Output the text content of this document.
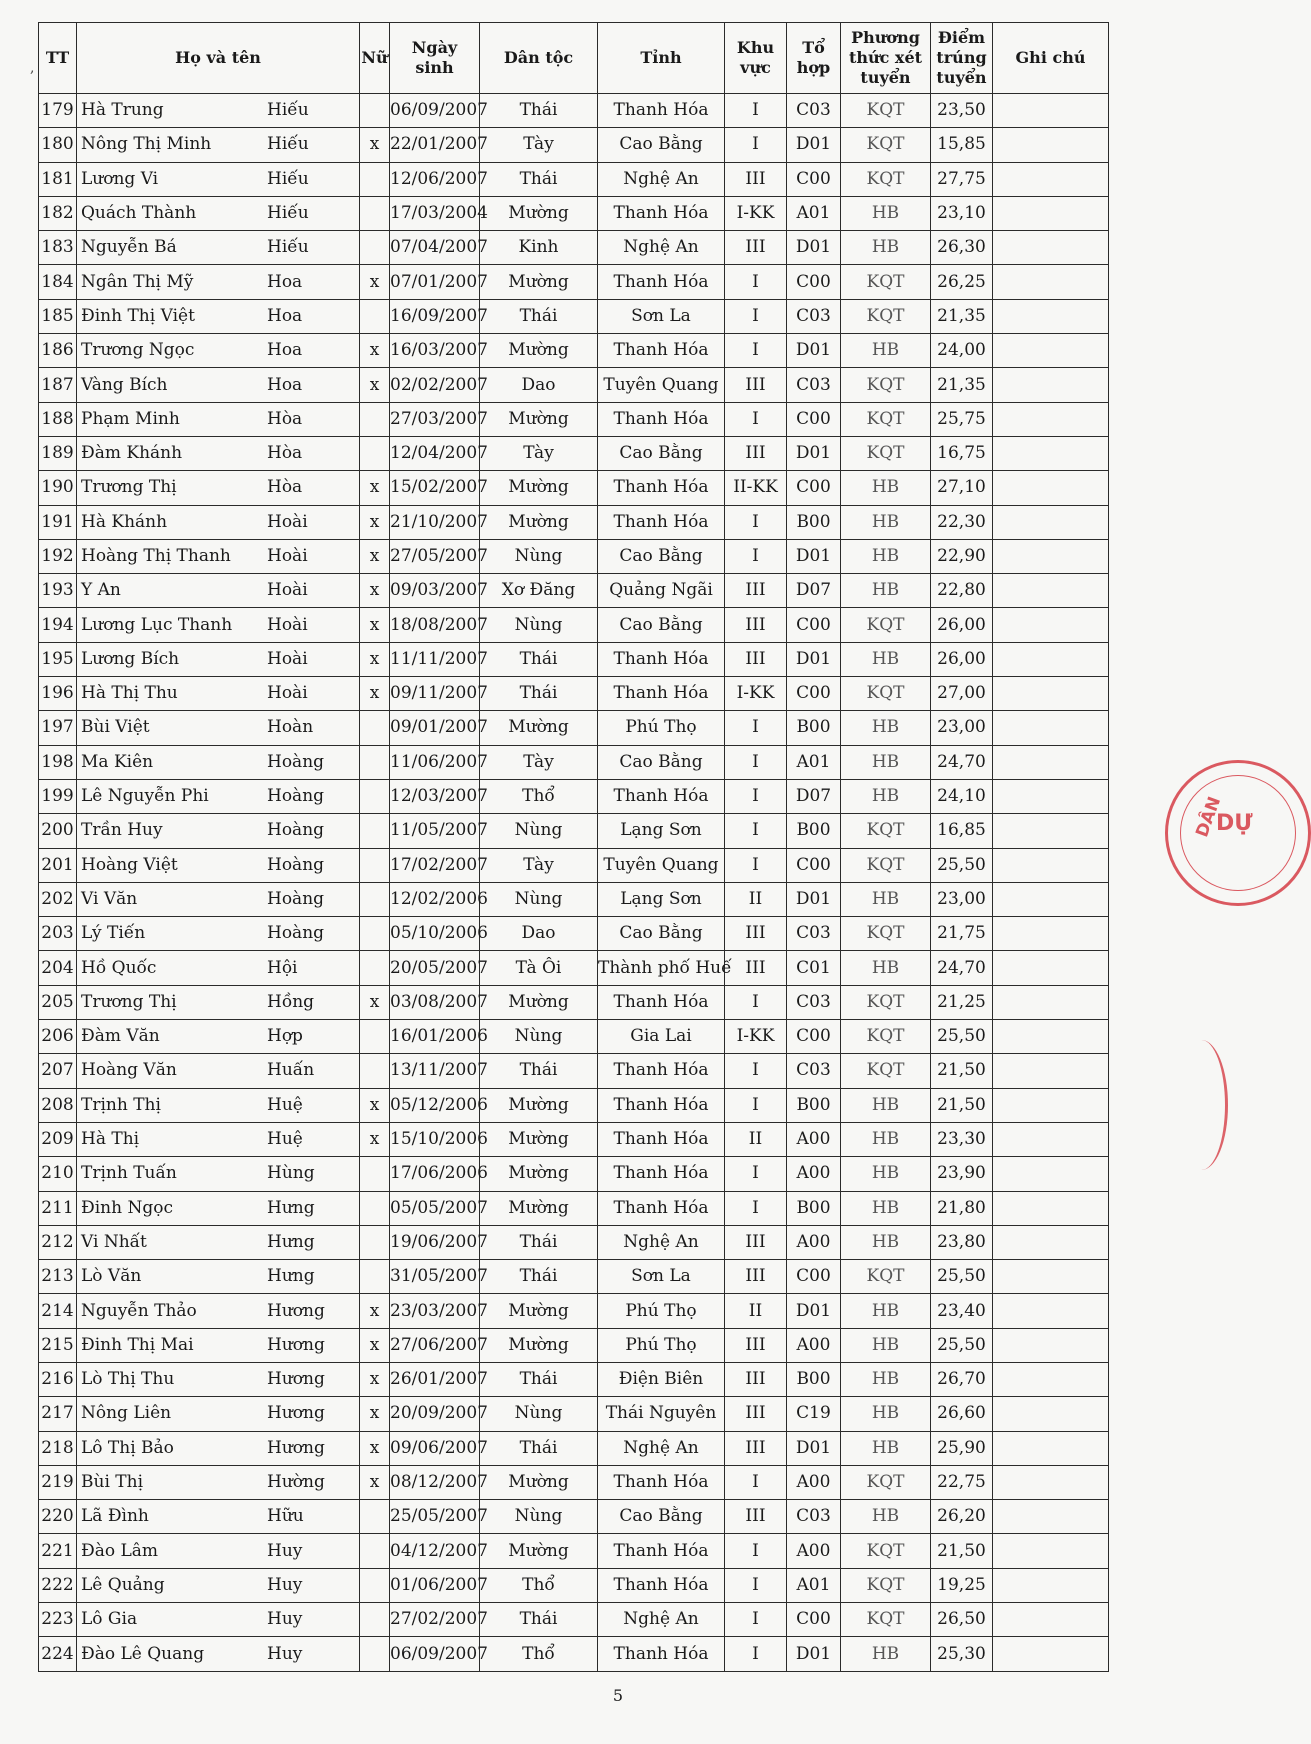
,
TT	Họ và tên	Nữ	Ngày sinh	Dân tộc	Tỉnh	Khu vực	Tổ hợp	Phương thức xét tuyển	Điểm trúng tuyển	Ghi chú
179	Hà Trung Hiếu		06/09/2007	Thái	Thanh Hóa	I	C03	KQT	23,50	
180	Nông Thị Minh Hiếu	x	22/01/2007	Tày	Cao Bằng	I	D01	KQT	15,85	
181	Lương Vi Hiếu		12/06/2007	Thái	Nghệ An	III	C00	KQT	27,75	
182	Quách Thành Hiếu		17/03/2004	Mường	Thanh Hóa	I-KK	A01	HB	23,10	
183	Nguyễn Bá Hiếu		07/04/2007	Kinh	Nghệ An	III	D01	HB	26,30	
184	Ngân Thị Mỹ Hoa	x	07/01/2007	Mường	Thanh Hóa	I	C00	KQT	26,25	
185	Đinh Thị Việt Hoa		16/09/2007	Thái	Sơn La	I	C03	KQT	21,35	
186	Trương Ngọc Hoa	x	16/03/2007	Mường	Thanh Hóa	I	D01	HB	24,00	
187	Vàng Bích Hoa	x	02/02/2007	Dao	Tuyên Quang	III	C03	KQT	21,35	
188	Phạm Minh Hòa		27/03/2007	Mường	Thanh Hóa	I	C00	KQT	25,75	
189	Đàm Khánh Hòa		12/04/2007	Tày	Cao Bằng	III	D01	KQT	16,75	
190	Trương Thị Hòa	x	15/02/2007	Mường	Thanh Hóa	II-KK	C00	HB	27,10	
191	Hà Khánh Hoài	x	21/10/2007	Mường	Thanh Hóa	I	B00	HB	22,30	
192	Hoàng Thị Thanh Hoài	x	27/05/2007	Nùng	Cao Bằng	I	D01	HB	22,90	
193	Y An Hoài	x	09/03/2007	Xơ Đăng	Quảng Ngãi	III	D07	HB	22,80	
194	Lương Lục Thanh Hoài	x	18/08/2007	Nùng	Cao Bằng	III	C00	KQT	26,00	
195	Lương Bích Hoài	x	11/11/2007	Thái	Thanh Hóa	III	D01	HB	26,00	
196	Hà Thị Thu Hoài	x	09/11/2007	Thái	Thanh Hóa	I-KK	C00	KQT	27,00	
197	Bùi Việt Hoàn		09/01/2007	Mường	Phú Thọ	I	B00	HB	23,00	
198	Ma Kiên Hoàng		11/06/2007	Tày	Cao Bằng	I	A01	HB	24,70	
199	Lê Nguyễn Phi Hoàng		12/03/2007	Thổ	Thanh Hóa	I	D07	HB	24,10	
200	Trần Huy Hoàng		11/05/2007	Nùng	Lạng Sơn	I	B00	KQT	16,85	
201	Hoàng Việt Hoàng		17/02/2007	Tày	Tuyên Quang	I	C00	KQT	25,50	
202	Vi Văn Hoàng		12/02/2006	Nùng	Lạng Sơn	II	D01	HB	23,00	
203	Lý Tiến Hoàng		05/10/2006	Dao	Cao Bằng	III	C03	KQT	21,75	
204	Hồ Quốc Hội		20/05/2007	Tà Ôi	Thành phố Huế	III	C01	HB	24,70	
205	Trương Thị Hồng	x	03/08/2007	Mường	Thanh Hóa	I	C03	KQT	21,25	
206	Đàm Văn Hợp		16/01/2006	Nùng	Gia Lai	I-KK	C00	KQT	25,50	
207	Hoàng Văn Huấn		13/11/2007	Thái	Thanh Hóa	I	C03	KQT	21,50	
208	Trịnh Thị Huệ	x	05/12/2006	Mường	Thanh Hóa	I	B00	HB	21,50	
209	Hà Thị Huệ	x	15/10/2006	Mường	Thanh Hóa	II	A00	HB	23,30	
210	Trịnh Tuấn Hùng		17/06/2006	Mường	Thanh Hóa	I	A00	HB	23,90	
211	Đinh Ngọc Hưng		05/05/2007	Mường	Thanh Hóa	I	B00	HB	21,80	
212	Vi Nhất Hưng		19/06/2007	Thái	Nghệ An	III	A00	HB	23,80	
213	Lò Văn Hưng		31/05/2007	Thái	Sơn La	III	C00	KQT	25,50	
214	Nguyễn Thảo Hương	x	23/03/2007	Mường	Phú Thọ	II	D01	HB	23,40	
215	Đinh Thị Mai Hương	x	27/06/2007	Mường	Phú Thọ	III	A00	HB	25,50	
216	Lò Thị Thu Hương	x	26/01/2007	Thái	Điện Biên	III	B00	HB	26,70	
217	Nông Liên Hương	x	20/09/2007	Nùng	Thái Nguyên	III	C19	HB	26,60	
218	Lô Thị Bảo Hương	x	09/06/2007	Thái	Nghệ An	III	D01	HB	25,90	
219	Bùi Thị Hường	x	08/12/2007	Mường	Thanh Hóa	I	A00	KQT	22,75	
220	Lã Đình Hữu		25/05/2007	Nùng	Cao Bằng	III	C03	HB	26,20	
221	Đào Lâm Huy		04/12/2007	Mường	Thanh Hóa	I	A00	KQT	21,50	
222	Lê Quảng Huy		01/06/2007	Thổ	Thanh Hóa	I	A01	KQT	19,25	
223	Lô Gia Huy		27/02/2007	Thái	Nghệ An	I	C00	KQT	26,50	
224	Đào Lê Quang Huy		06/09/2007	Thổ	Thanh Hóa	I	D01	HB	25,30	
5
DÂN
DỰ
